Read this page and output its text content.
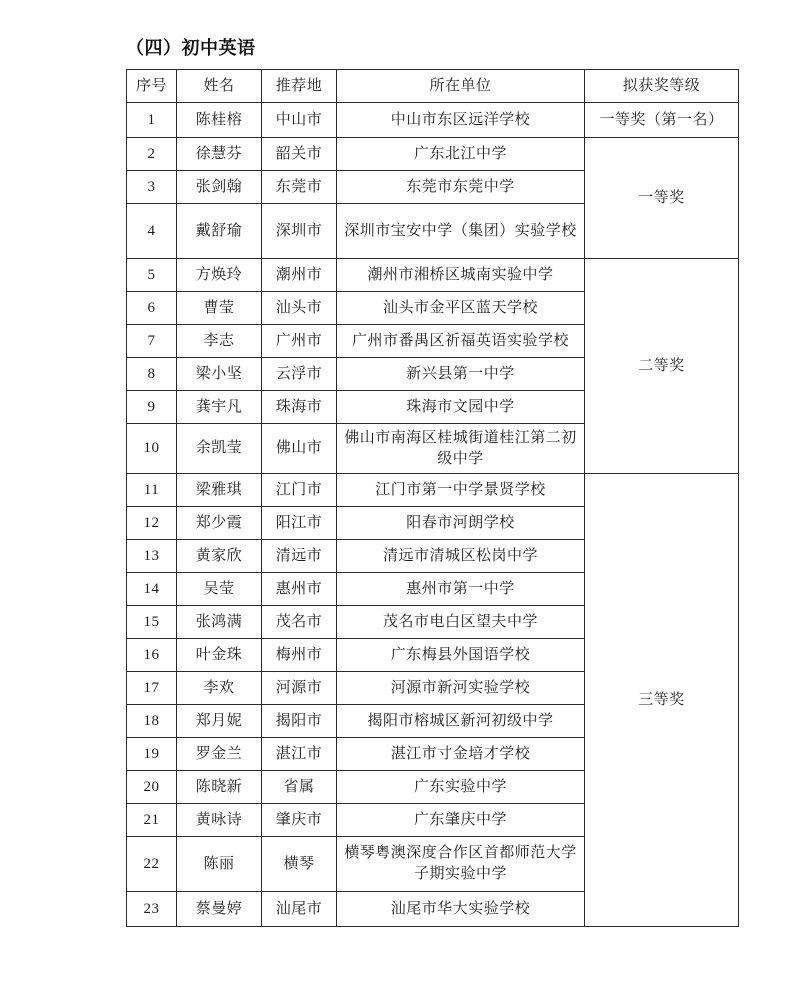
（四）初中英语
序号	姓名	推荐地	所在单位	拟获奖等级
1	陈桂榕	中山市	中山市东区远洋学校	一等奖（第一名）
2	徐慧芬	韶关市	广东北江中学	一等奖
3	张剑翰	东莞市	东莞市东莞中学	
4	戴舒瑜	深圳市	深圳市宝安中学（集团）实验学校	
5	方焕玲	潮州市	潮州市湘桥区城南实验中学	二等奖
6	曹莹	汕头市	汕头市金平区蓝天学校	
7	李志	广州市	广州市番禺区祈福英语实验学校	
8	梁小坚	云浮市	新兴县第一中学	
9	龚宇凡	珠海市	珠海市文园中学	
10	余凯莹	佛山市	佛山市南海区桂城街道桂江第二初级中学	
11	梁雅琪	江门市	江门市第一中学景贤学校	三等奖
12	郑少霞	阳江市	阳春市河朗学校	
13	黄家欣	清远市	清远市清城区松岗中学	
14	吴莹	惠州市	惠州市第一中学	
15	张鸿满	茂名市	茂名市电白区望夫中学	
16	叶金珠	梅州市	广东梅县外国语学校	
17	李欢	河源市	河源市新河实验学校	
18	郑月妮	揭阳市	揭阳市榕城区新河初级中学	
19	罗金兰	湛江市	湛江市寸金培才学校	
20	陈晓新	省属	广东实验中学	
21	黄咏诗	肇庆市	广东肇庆中学	
22	陈丽	横琴	横琴粤澳深度合作区首都师范大学子期实验中学	
23	蔡曼婷	汕尾市	汕尾市华大实验学校	
